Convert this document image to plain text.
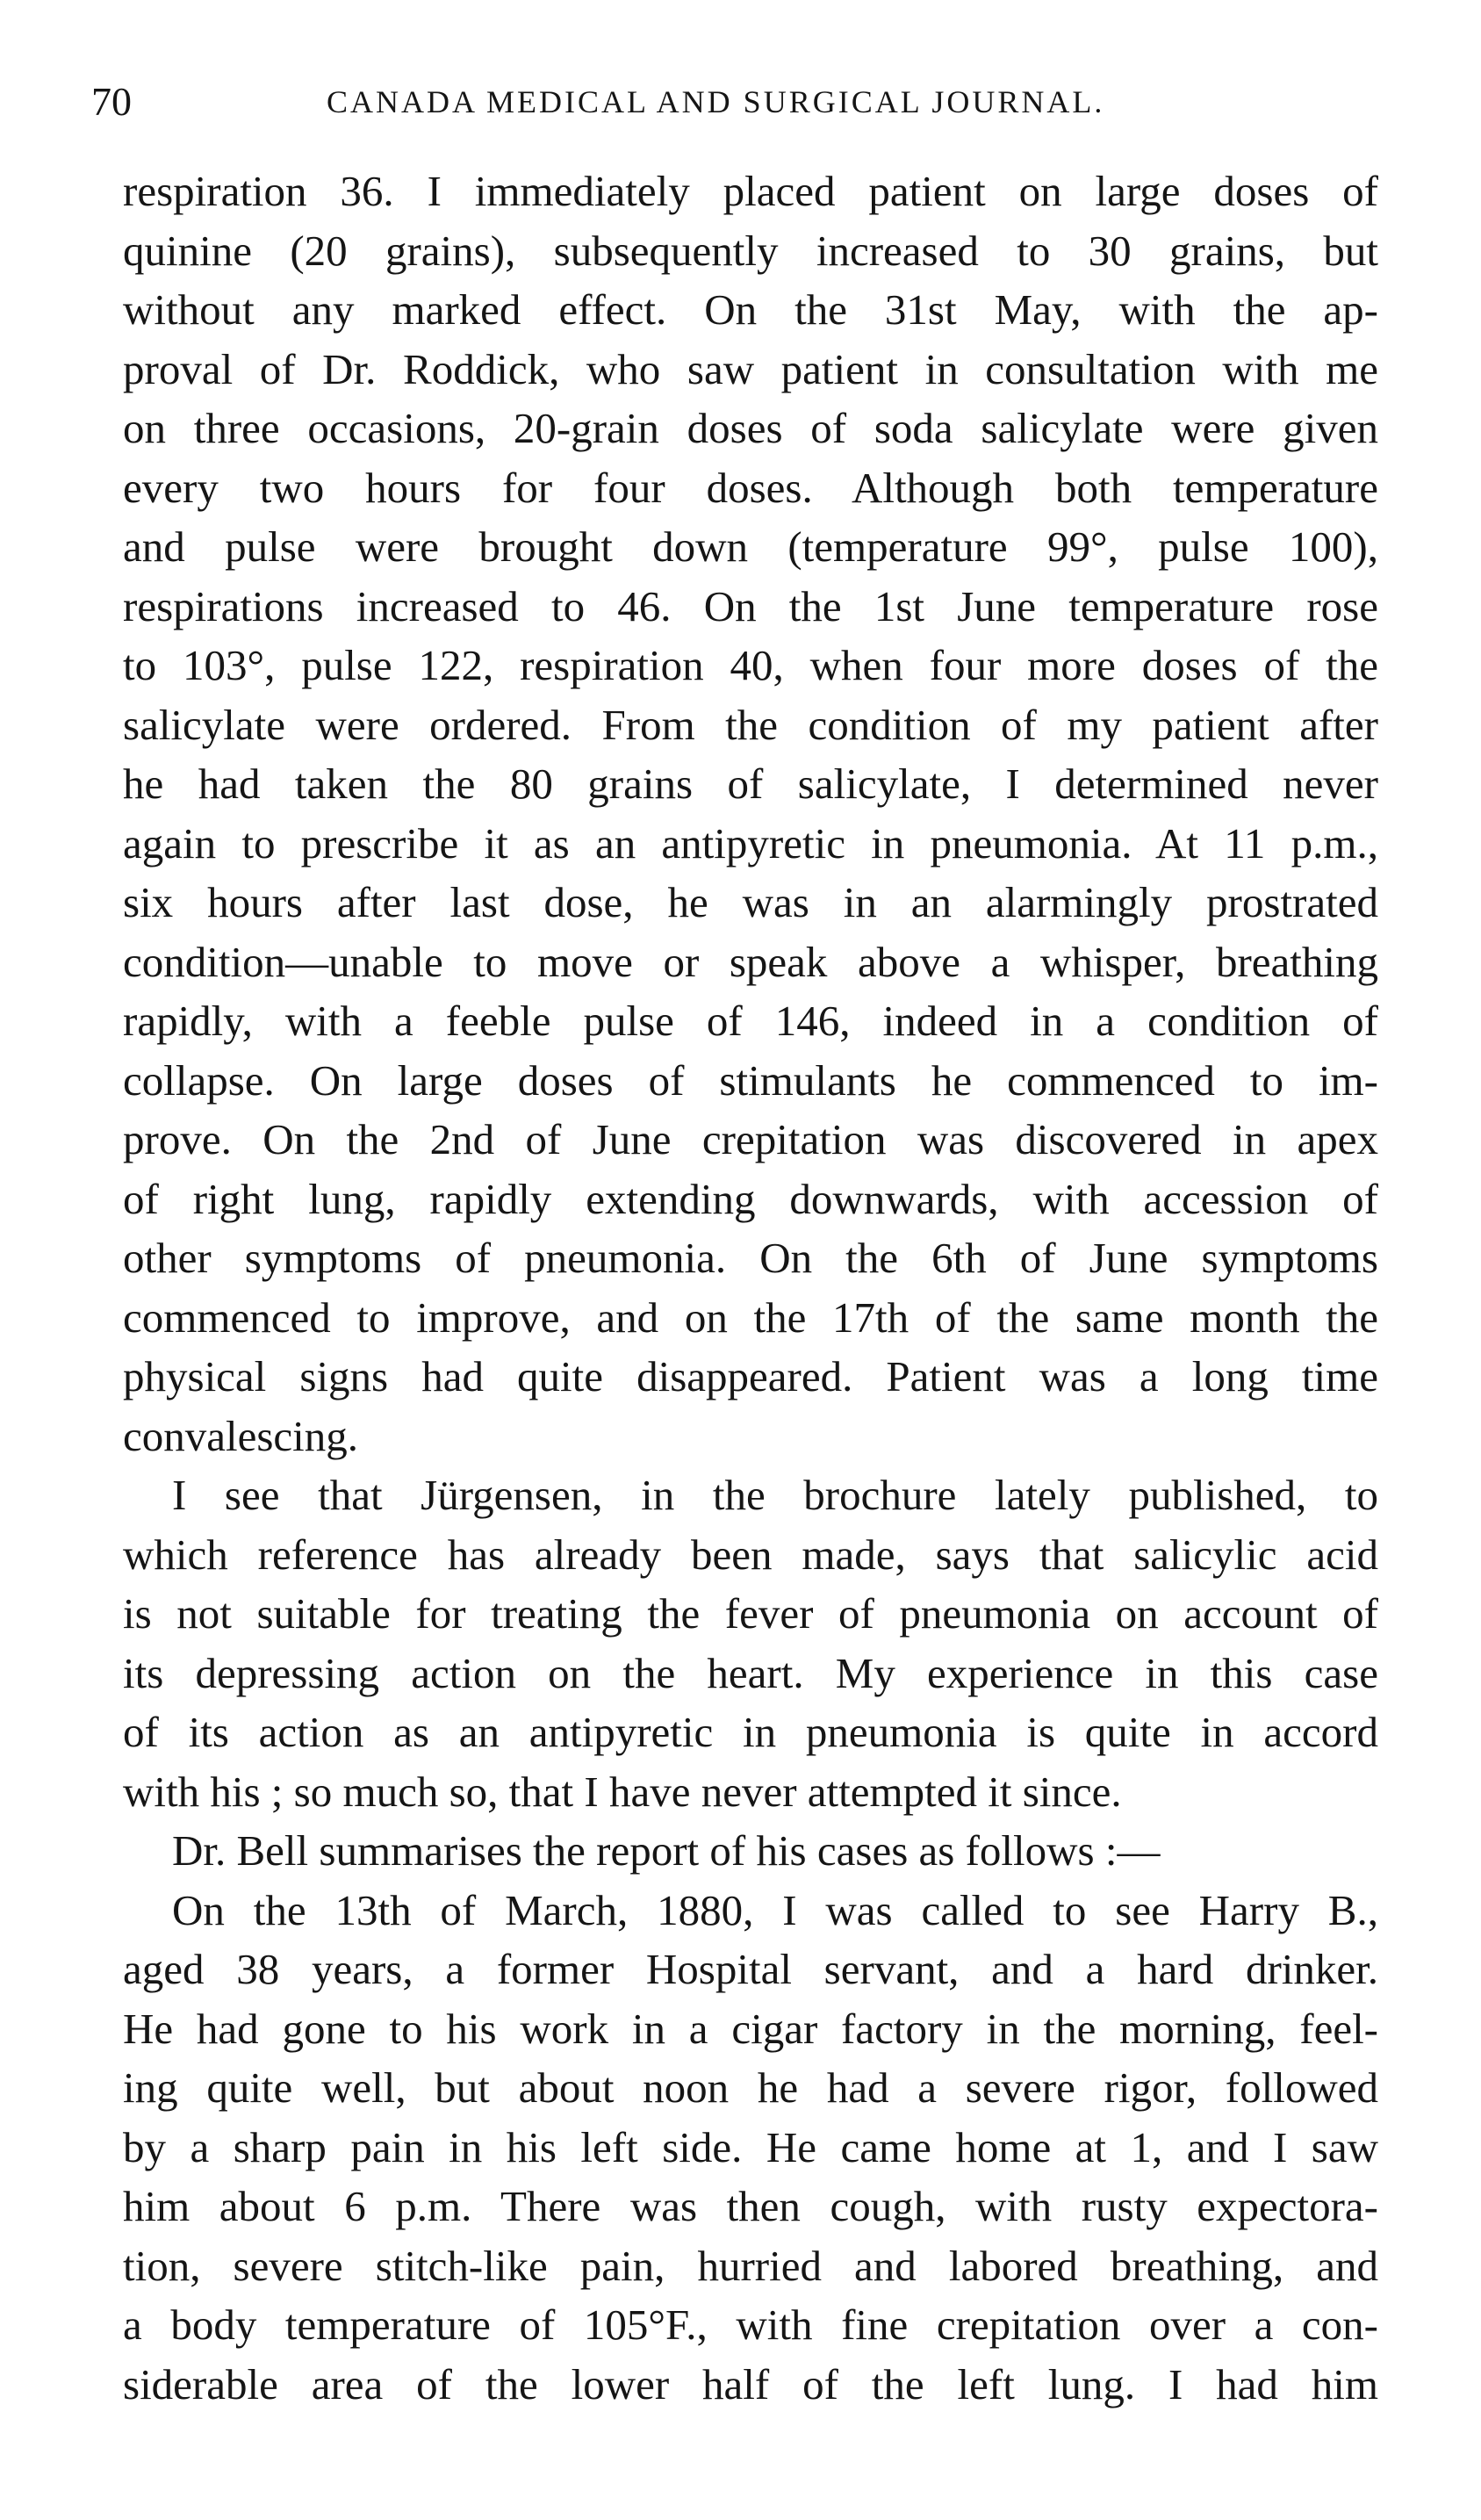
70	CANADA MEDICAL AND SURGICAL JOURNAL.
respiration 36. I immediately placed patient on large doses of
quinine (20 grains), subsequently increased to 30 grains, but
without any marked effect. On the 31st May, with the ap-
proval of Dr. Roddick, who saw patient in consultation with me
on three occasions, 20-grain doses of soda salicylate were given
every two hours for four doses. Although both temperature
and pulse were brought down (temperature 99°, pulse 100),
respirations increased to 46. On the 1st June temperature rose
to 103°, pulse 122, respiration 40, when four more doses of the
salicylate were ordered. From the condition of my patient after
he had taken the 80 grains of salicylate, I determined never
again to prescribe it as an antipyretic in pneumonia. At 11 p.m.,
six hours after last dose, he was in an alarmingly prostrated
condition—unable to move or speak above a whisper, breathing
rapidly, with a feeble pulse of 146, indeed in a condition of
collapse. On large doses of stimulants he commenced to im-
prove. On the 2nd of June crepitation was discovered in apex
of right lung, rapidly extending downwards, with accession of
other symptoms of pneumonia. On the 6th of June symptoms
commenced to improve, and on the 17th of the same month the
physical signs had quite disappeared. Patient was a long time
convalescing.
I see that Jürgensen, in the brochure lately published, to
which reference has already been made, says that salicylic acid
is not suitable for treating the fever of pneumonia on account of
its depressing action on the heart. My experience in this case
of its action as an antipyretic in pneumonia is quite in accord
with his ; so much so, that I have never attempted it since.
Dr. Bell summarises the report of his cases as follows :—
On the 13th of March, 1880, I was called to see Harry B.,
aged 38 years, a former Hospital servant, and a hard drinker.
He had gone to his work in a cigar factory in the morning, feel-
ing quite well, but about noon he had a severe rigor, followed
by a sharp pain in his left side. He came home at 1, and I saw
him about 6 p.m. There was then cough, with rusty expectora-
tion, severe stitch-like pain, hurried and labored breathing, and
a body temperature of 105°F., with fine crepitation over a con-
siderable area of the lower half of the left lung. I had him
